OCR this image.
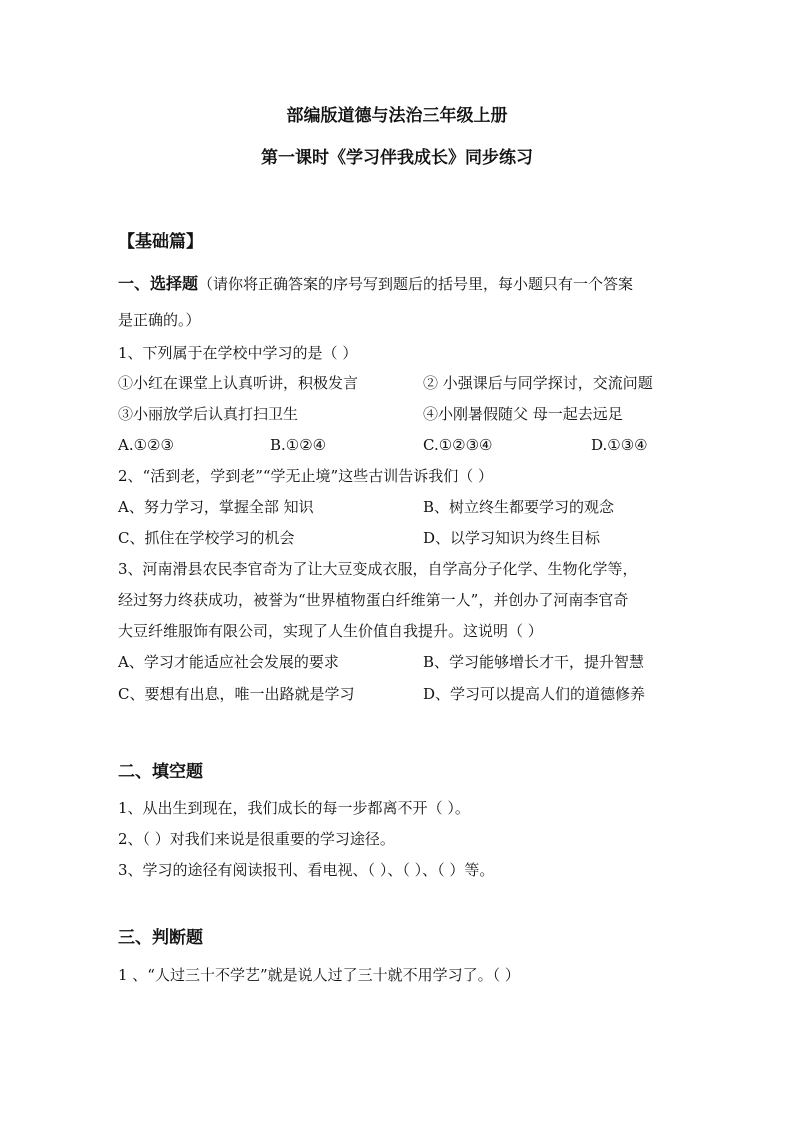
部编版道德与法治三年级上册
第一课时《学习伴我成长》同步练习
【基础篇】
一、选择题（请你将正确答案的序号写到题后的括号里，每小题只有一个答案
是正确的。）
1、下列属于在学校中学习的是（ ）
①小红在课堂上认真听讲，积极发言	② 小强课后与同学探讨，交流问题
③小丽放学后认真打扫卫生	④小刚暑假随父 母一起去远足
A.①②③	B.①②④	C.①②③④	D.①③④
2、“活到老，学到老”“学无止境”这些古训告诉我们（ ）
A、努力学习，掌握全部 知识	B、树立终生都要学习的观念
C、抓住在学校学习的机会	D、以学习知识为终生目标
3、河南滑县农民李官奇为了让大豆变成衣服，自学高分子化学、生物化学等，
经过努力终获成功，被誉为“世界植物蛋白纤维第一人”，并创办了河南李官奇
大豆纤维服饰有限公司，实现了人生价值自我提升。这说明（ ）
A、学习才能适应社会发展的要求	B、学习能够增长才干，提升智慧
C、要想有出息，唯一出路就是学习	D、学习可以提高人们的道德修养
二、填空题
1、从出生到现在，我们成长的每一步都离不开（ ）。
2、（ ）对我们来说是很重要的学习途径。
3、学习的途径有阅读报刊、看电视、（ ）、（ ）、（ ）等。
三、判断题
1 、“人过三十不学艺”就是说人过了三十就不用学习了。（ ）
